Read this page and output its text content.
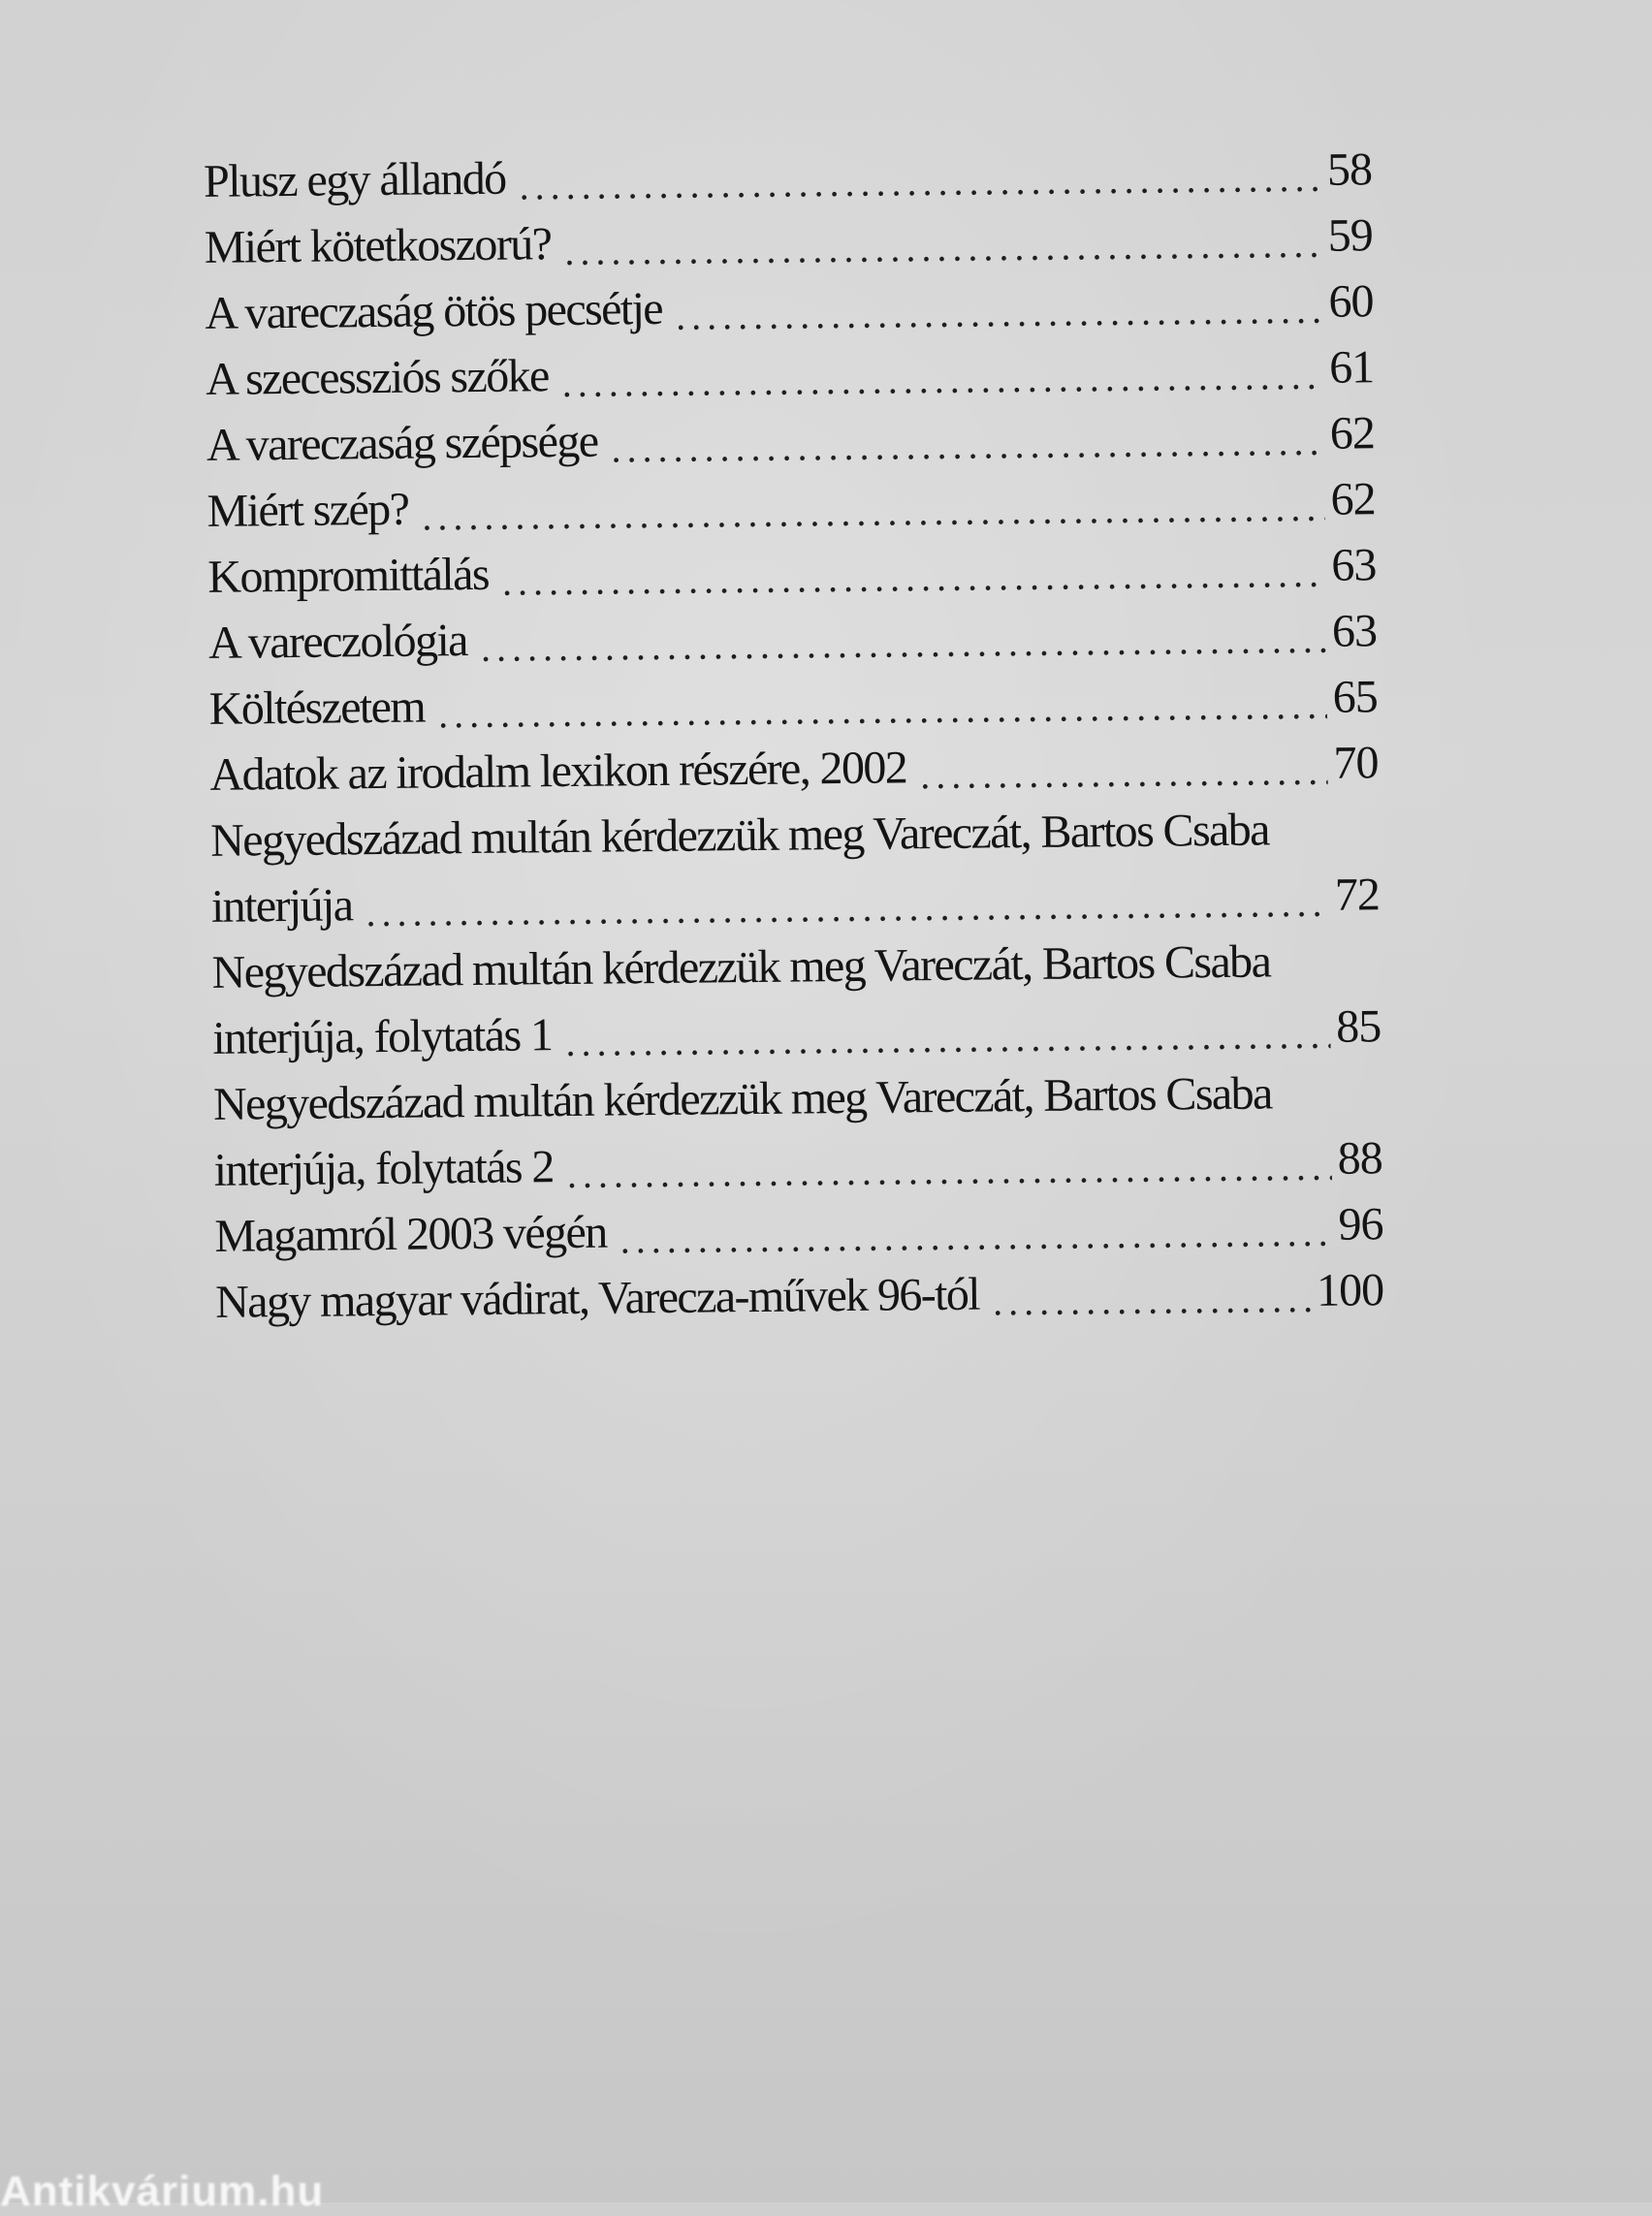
Plusz egy állandó .....	58
Miért kötetkoszorú? .....	59
A vareczaság ötös pecsétje .....	60
A szecessziós szőke .....	61
A vareczaság szépsége .....	62
Miért szép? .....	62
Kompromittálás .....	63
A vareczológia .....	63
Költészetem .....	65
Adatok az irodalm lexikon részére, 2002 .....	70
Negyedszázad multán kérdezzük meg Vareczát, Bartos Csaba
interjúja .....	72
Negyedszázad multán kérdezzük meg Vareczát, Bartos Csaba
interjúja, folytatás 1 .....	85
Negyedszázad multán kérdezzük meg Vareczát, Bartos Csaba
interjúja, folytatás 2 .....	88
Magamról 2003 végén .....	96
Nagy magyar vádirat, Varecza-művek 96-tól .....	100
Antikvárium.hu
